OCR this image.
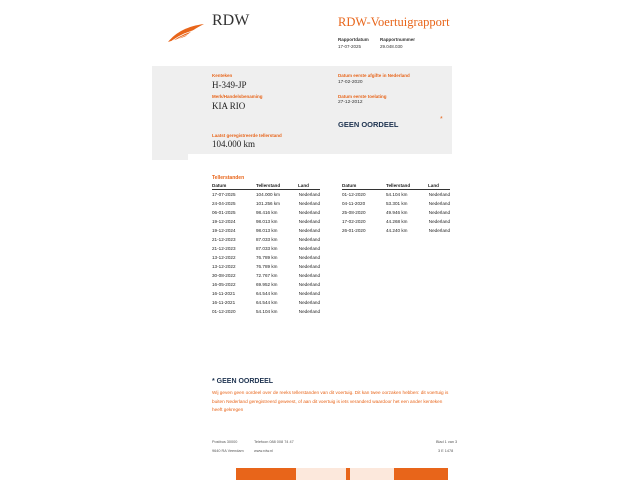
RDW	RDW-Voertuigrapport
Rapportdatum
17-07-2025
Rapportnummer
29.048.030
Kenteken
H-349-JP
Merk/Handelsbenaming
KIA RIO
Laatst geregistreerde tellerstand
104.000 km
Datum eerste afgifte in Nederland
17-02-2020
Datum eerste toelating
27-12-2012
GEEN OORDEEL
*
Tellerstanden
Datum	Tellerstand	Land
17-07-2025	104.000 km	Nederland
24-04-2025	101.256 km	Nederland
06-01-2025	98.416 km	Nederland
19-12-2024	98.013 km	Nederland
19-12-2024	98.013 km	Nederland
21-12-2023	87.033 km	Nederland
21-12-2023	87.033 km	Nederland
13-12-2022	76.789 km	Nederland
13-12-2022	76.789 km	Nederland
30-08-2022	72.767 km	Nederland
16-05-2022	69.952 km	Nederland
16-11-2021	64.544 km	Nederland
16-11-2021	64.544 km	Nederland
01-12-2020	54.104 km	Nederland
Datum	Tellerstand	Land
01-12-2020	54.104 km	Nederland
04-11-2020	53.301 km	Nederland
25-08-2020	49.946 km	Nederland
17-02-2020	44.268 km	Nederland
26-01-2020	44.240 km	Nederland
* GEEN OORDEEL
Wij geven geen oordeel over de reeks tellerstanden van dit voertuig. Dit kan twee oorzaken hebben: dit voertuig is buiten Nederland geregistreerd geweest, of aan dit voertuig is iets veranderd waardoor het een ander kenteken heeft gekregen
Postbus 30000
9640 RA Veendam
Telefoon 088 008 74 47
www.rdw.nl
Blad 1 van 3
3 E 1478
